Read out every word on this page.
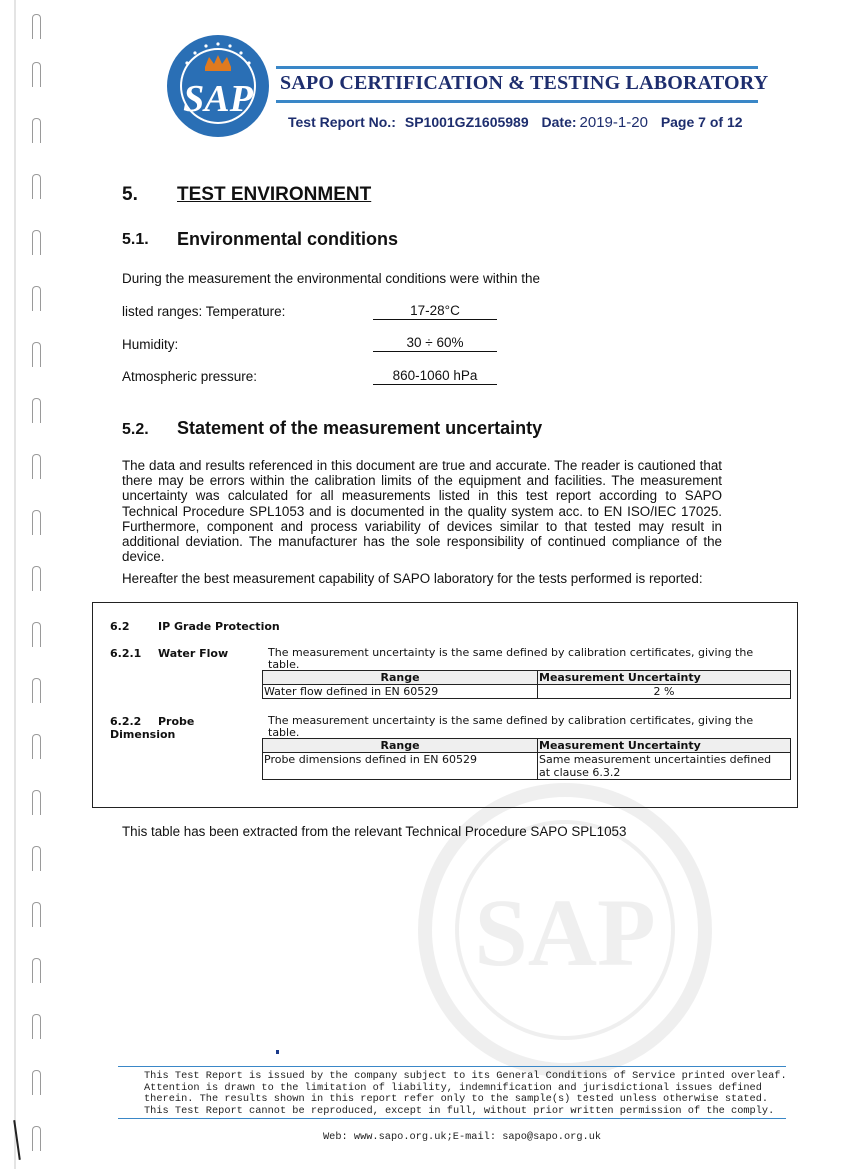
SAP
SAP SAPO CERTIFICATION & TESTING LABORATORY
Test Report No.: SP1001GZ1605989 Date: 2019-1-20 Page 7 of 12
5. TEST ENVIRONMENT
5.1. Environmental conditions
During the measurement the environmental conditions were within the
listed ranges: Temperature:	17-28°C
Humidity:	30 ÷ 60%
Atmospheric pressure:	860-1060 hPa
5.2. Statement of the measurement uncertainty
The data and results referenced in this document are true and accurate. The reader is cautioned that there may be errors within the calibration limits of the equipment and facilities. The measurement uncertainty was calculated for all measurements listed in this test report according to SAPO Technical Procedure SPL1053 and is documented in the quality system acc. to EN ISO/IEC 17025. Furthermore, component and process variability of devices similar to that tested may result in additional deviation. The manufacturer has the sole responsibility of continued compliance of the device.
Hereafter the best measurement capability of SAPO laboratory for the tests performed is reported:
6.2	IP Grade Protection
6.2.1 Water Flow	The measurement uncertainty is the same defined by calibration certificates, giving the
table.
Range	Measurement Uncertainty
Water flow defined in EN 60529	2 %
6.2.2 Probe
Dimension
The measurement uncertainty is the same defined by calibration certificates, giving the
table.
Range	Measurement Uncertainty
Probe dimensions defined in EN 60529	Same measurement uncertainties defined
at clause 6.3.2
This table has been extracted from the relevant Technical Procedure SAPO SPL1053
This Test Report is issued by the company subject to its General Conditions of Service printed overleaf.
Attention is drawn to the limitation of liability, indemnification and jurisdictional issues defined
therein. The results shown in this report refer only to the sample(s) tested unless otherwise stated.
This Test Report cannot be reproduced, except in full, without prior written permission of the comply.
Web: www.sapo.org.uk;E-mail: sapo@sapo.org.uk
